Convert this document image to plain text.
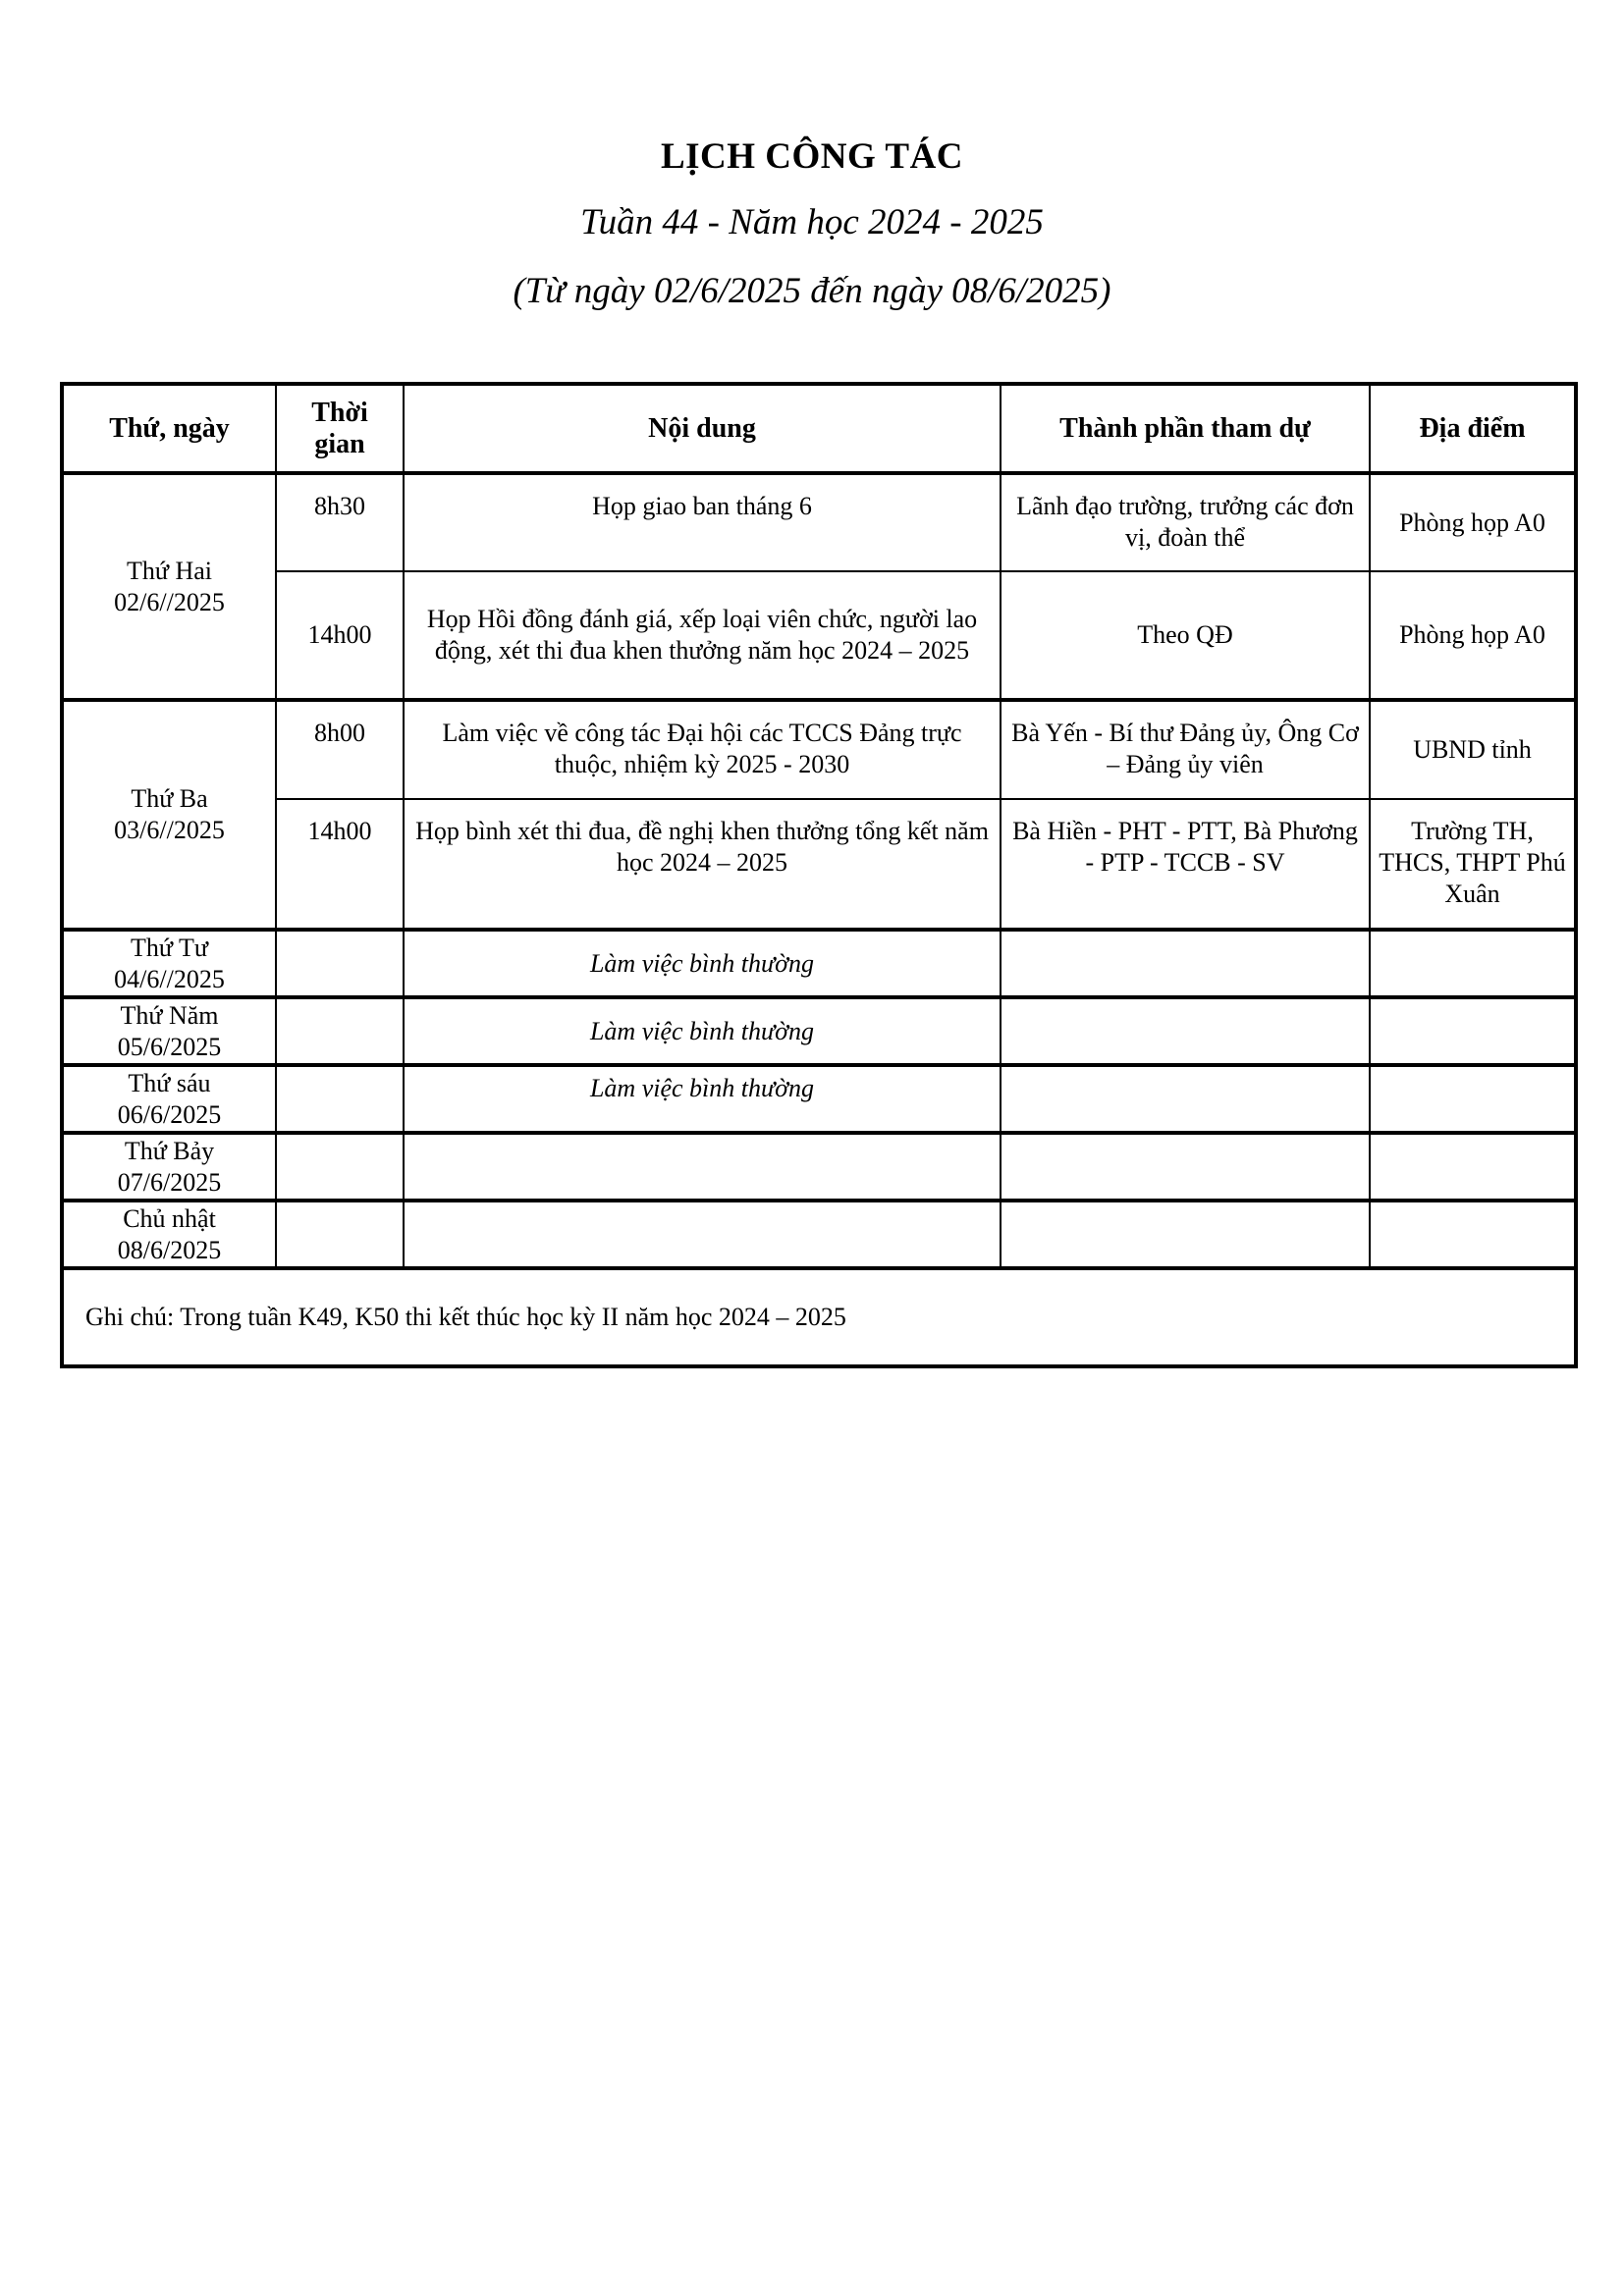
LỊCH CÔNG TÁC
Tuần 44 - Năm học 2024 - 2025
(Từ ngày 02/6/2025 đến ngày 08/6/2025)
Thứ, ngày	Thời
gian	Nội dung	Thành phần tham dự	Địa điểm
Thứ Hai
02/6//2025	8h30	Họp giao ban tháng 6	Lãnh đạo trường, trưởng các đơn vị, đoàn thể	Phòng họp A0
	14h00	Họp Hồi đồng đánh giá, xếp loại viên chức, người lao động, xét thi đua khen thưởng năm học 2024 – 2025	Theo QĐ	Phòng họp A0
Thứ Ba
03/6//2025	8h00	Làm việc về công tác Đại hội các TCCS Đảng trực thuộc, nhiệm kỳ 2025 - 2030	Bà Yến - Bí thư Đảng ủy, Ông Cơ – Đảng ủy viên	UBND tỉnh
	14h00	Họp bình xét thi đua, đề nghị khen thưởng tổng kết năm học 2024 – 2025	Bà Hiền - PHT - PTT, Bà Phương - PTP - TCCB - SV	Trường TH, THCS, THPT Phú Xuân
Thứ Tư
04/6//2025		Làm việc bình thường		
Thứ Năm
05/6/2025		Làm việc bình thường		
Thứ sáu
06/6/2025		Làm việc bình thường		
Thứ Bảy
07/6/2025				
Chủ nhật
08/6/2025				
Ghi chú: Trong tuần K49, K50 thi kết thúc học kỳ II năm học 2024 – 2025				
